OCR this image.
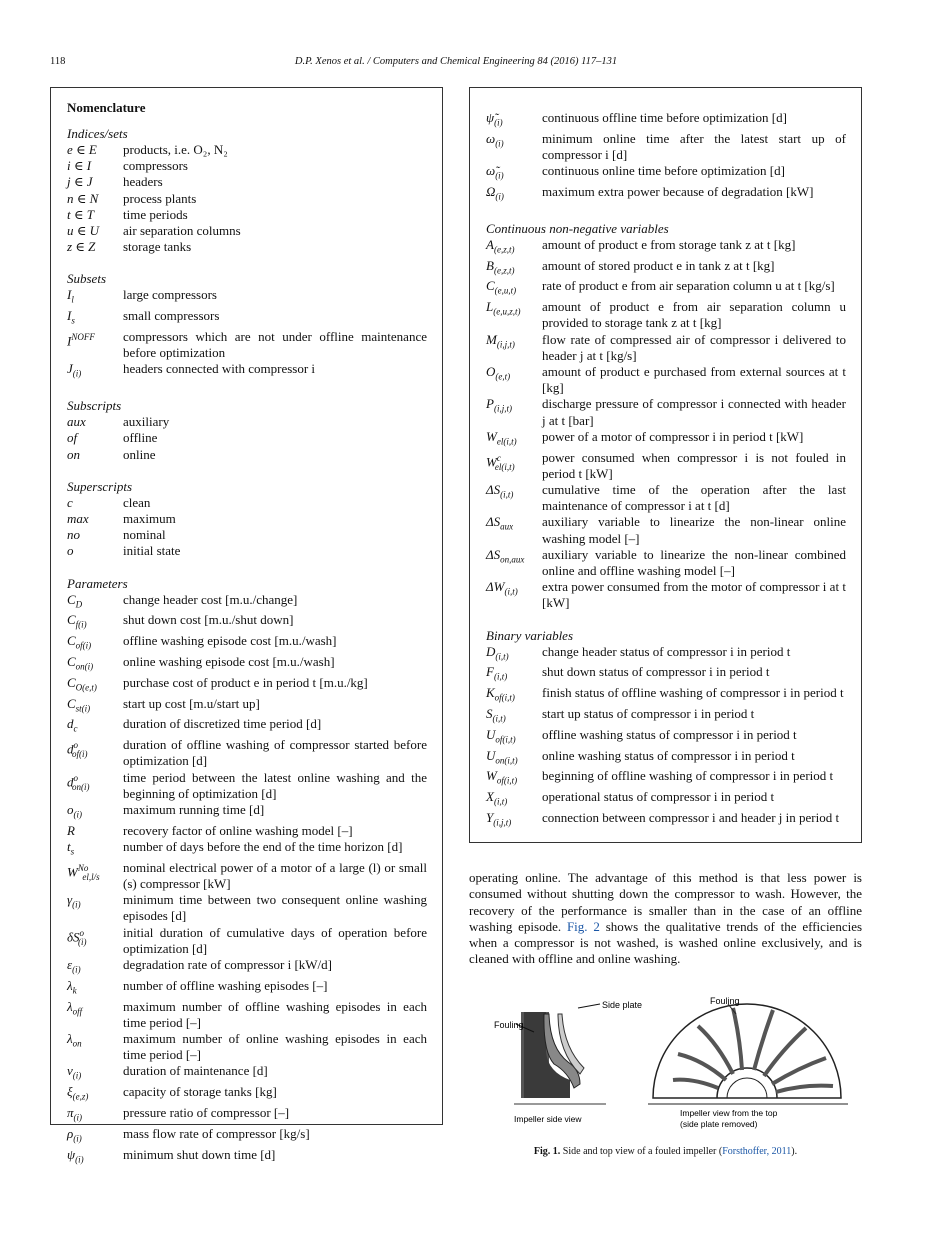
118	D.P. Xenos et al. / Computers and Chemical Engineering 84 (2016) 117–131
Nomenclature
Indices/sets
e ∈ E	products, i.e. O₂, N₂
i ∈ I	compressors
j ∈ J	headers
n ∈ N	process plants
t ∈ T	time periods
u ∈ U	air separation columns
z ∈ Z	storage tanks
Subsets
$I_l$	large compressors
$I_s$	small compressors
$I^{NOFF}$	compressors which are not under offline maintenance before optimization
$J_{(i)}$	headers connected with compressor i
Subscripts
aux	auxiliary
of	offline
on	online
Superscripts
c	clean
max	maximum
no	nominal
o	initial state
Parameters
$C_D$	change header cost [m.u./change]
$C_{f(i)}$	shut down cost [m.u./shut down]
$C_{of(i)}$	offline washing episode cost [m.u./wash]
$C_{on(i)}$	online washing episode cost [m.u./wash]
$C_{O(e,t)}$	purchase cost of product e in period t [m.u./kg]
$C_{st(i)}$	start up cost [m.u/start up]
$d_c$	duration of discretized time period [d]
$d^o_{of(i)}$
duration of offline washing of compressor started before optimization [d]
$d^o_{on(i)}$
time period between the latest online washing and the beginning of optimization [d]
$o_{(i)}$	maximum running time [d]
R	recovery factor of online washing model [–]
$t_s$	number of days before the end of the time horizon [d]
$W^{No}_{el,l/s}$
nominal electrical power of a motor of a large (l) or small (s) compressor [kW]
$\gamma_{(i)}$	minimum time between two consequent online washing episodes [d]
$\delta S^o_{(i)}$
initial duration of cumulative days of operation before optimization [d]
$\varepsilon_{(i)}$	degradation rate of compressor i [kW/d]
$\lambda_k$	number of offline washing episodes [–]
$\lambda_{off}$	maximum number of offline washing episodes in each time period [–]
$\lambda_{on}$	maximum number of online washing episodes in each time period [–]
$\nu_{(i)}$	duration of maintenance [d]
$\xi_{(e,z)}$	capacity of storage tanks [kg]
$\pi_{(i)}$	pressure ratio of compressor [–]
$\rho_{(i)}$	mass flow rate of compressor [kg/s]
$\psi_{(i)}$	minimum shut down time [d]
$\psĩ_{(i)}$	continuous offline time before optimization [d]
$\omega_{(i)}$	minimum online time after the latest start up of compressor i [d]
$\omegã_{(i)}$	continuous online time before optimization [d]
$\Omega_{(i)}$	maximum extra power because of degradation [kW]
Continuous non-negative variables
$A_{(e,z,t)}$	amount of product e from storage tank z at t [kg]
$B_{(e,z,t)}$	amount of stored product e in tank z at t [kg]
$C_{(e,u,t)}$	rate of product e from air separation column u at t [kg/s]
$L_{(e,u,z,t)}$	amount of product e from air separation column u provided to storage tank z at t [kg]
$M_{(i,j,t)}$	flow rate of compressed air of compressor i delivered to header j at t [kg/s]
$O_{(e,t)}$	amount of product e purchased from external sources at t [kg]
$P_{(i,j,t)}$	discharge pressure of compressor i connected with header j at t [bar]
$W_{el(i,t)}$	power of a motor of compressor i in period t [kW]
$W^c_{el(i,t)}$
power consumed when compressor i is not fouled in period t [kW]
$\Delta S_{(i,t)}$	cumulative time of the operation after the last maintenance of compressor i at t [d]
$\Delta S_{aux}$	auxiliary variable to linearize the non-linear online washing model [–]
$\Delta S_{on,aux}$	auxiliary variable to linearize the non-linear combined online and offline washing model [–]
$\Delta W_{(i,t)}$	extra power consumed from the motor of compressor i at t [kW]
Binary variables
$D_{(i,t)}$	change header status of compressor i in period t
$F_{(i,t)}$	shut down status of compressor i in period t
$K_{of(i,t)}$	finish status of offline washing of compressor i in period t
$S_{(i,t)}$	start up status of compressor i in period t
$U_{of(i,t)}$	offline washing status of compressor i in period t
$U_{on(i,t)}$	online washing status of compressor i in period t
$W_{of(i,t)}$	beginning of offline washing of compressor i in period t
$X_{(i,t)}$	operational status of compressor i in period t
$Y_{(i,j,t)}$	connection between compressor i and header j in period t
operating online. The advantage of this method is that less power is consumed without shutting down the compressor to wash. However, the recovery of the performance is smaller than in the case of an offline washing episode. Fig. 2 shows the qualitative trends of the efficiencies when a compressor is not washed, is washed online exclusively, and is cleaned with offline and online washing.
Fouling
Side plate
Impeller side view
Fouling
Impeller view from the top
(side plate removed)
Fig. 1. Side and top view of a fouled impeller (Forsthoffer, 2011).
